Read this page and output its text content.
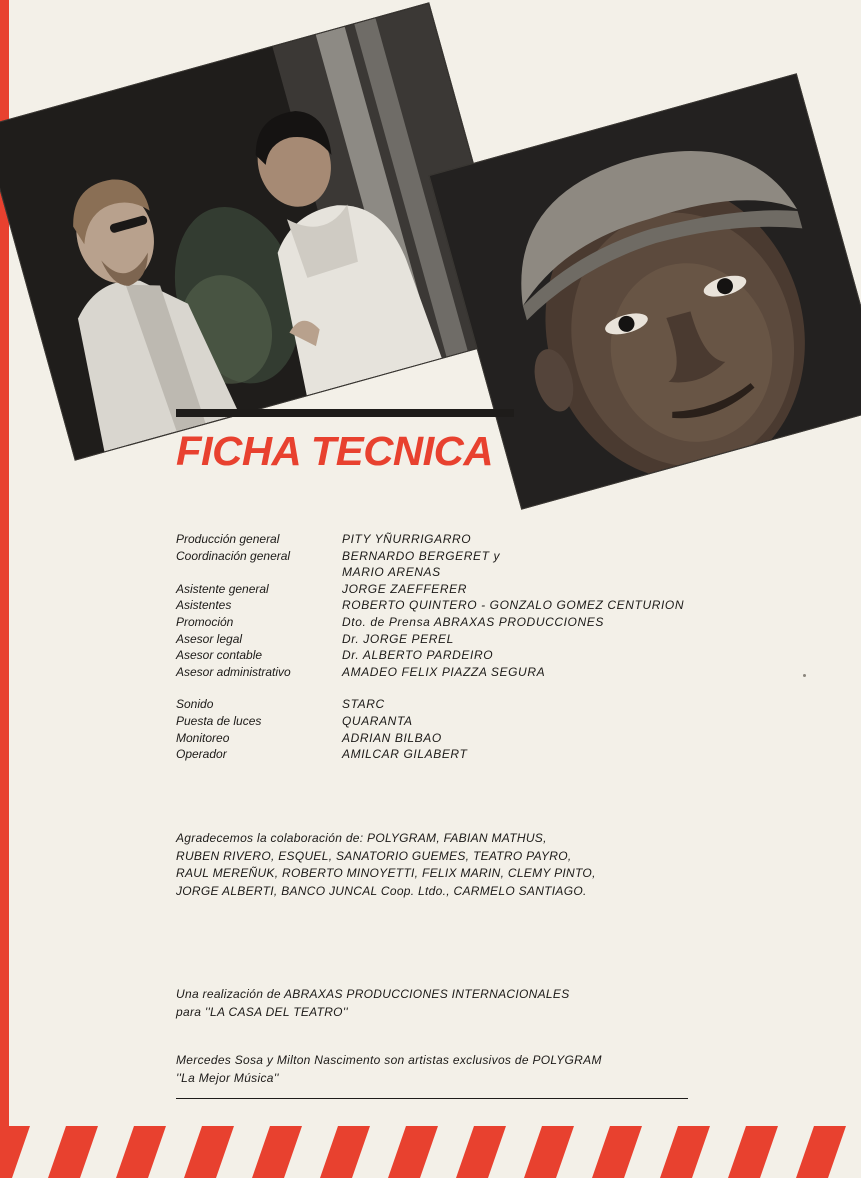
FICHA TECNICA
Producción general	PITY YÑURRIGARRO
Coordinación general	BERNARDO BERGERET y
MARIO ARENAS
Asistente general	JORGE ZAEFFERER
Asistentes	ROBERTO QUINTERO - GONZALO GOMEZ CENTURION
Promoción	Dto. de Prensa ABRAXAS PRODUCCIONES
Asesor legal	Dr. JORGE PEREL
Asesor contable	Dr. ALBERTO PARDEIRO
Asesor administrativo	AMADEO FELIX PIAZZA SEGURA
Sonido	STARC
Puesta de luces	QUARANTA
Monitoreo	ADRIAN BILBAO
Operador	AMILCAR GILABERT
Agradecemos la colaboración de: POLYGRAM, FABIAN MATHUS,
RUBEN RIVERO, ESQUEL, SANATORIO GUEMES, TEATRO PAYRO,
RAUL MEREÑUK, ROBERTO MINOYETTI, FELIX MARIN, CLEMY PINTO,
JORGE ALBERTI, BANCO JUNCAL Coop. Ltdo., CARMELO SANTIAGO.
Una realización de ABRAXAS PRODUCCIONES INTERNACIONALES
para ''LA CASA DEL TEATRO''
Mercedes Sosa y Milton Nascimento son artistas exclusivos de POLYGRAM
''La Mejor Música''
